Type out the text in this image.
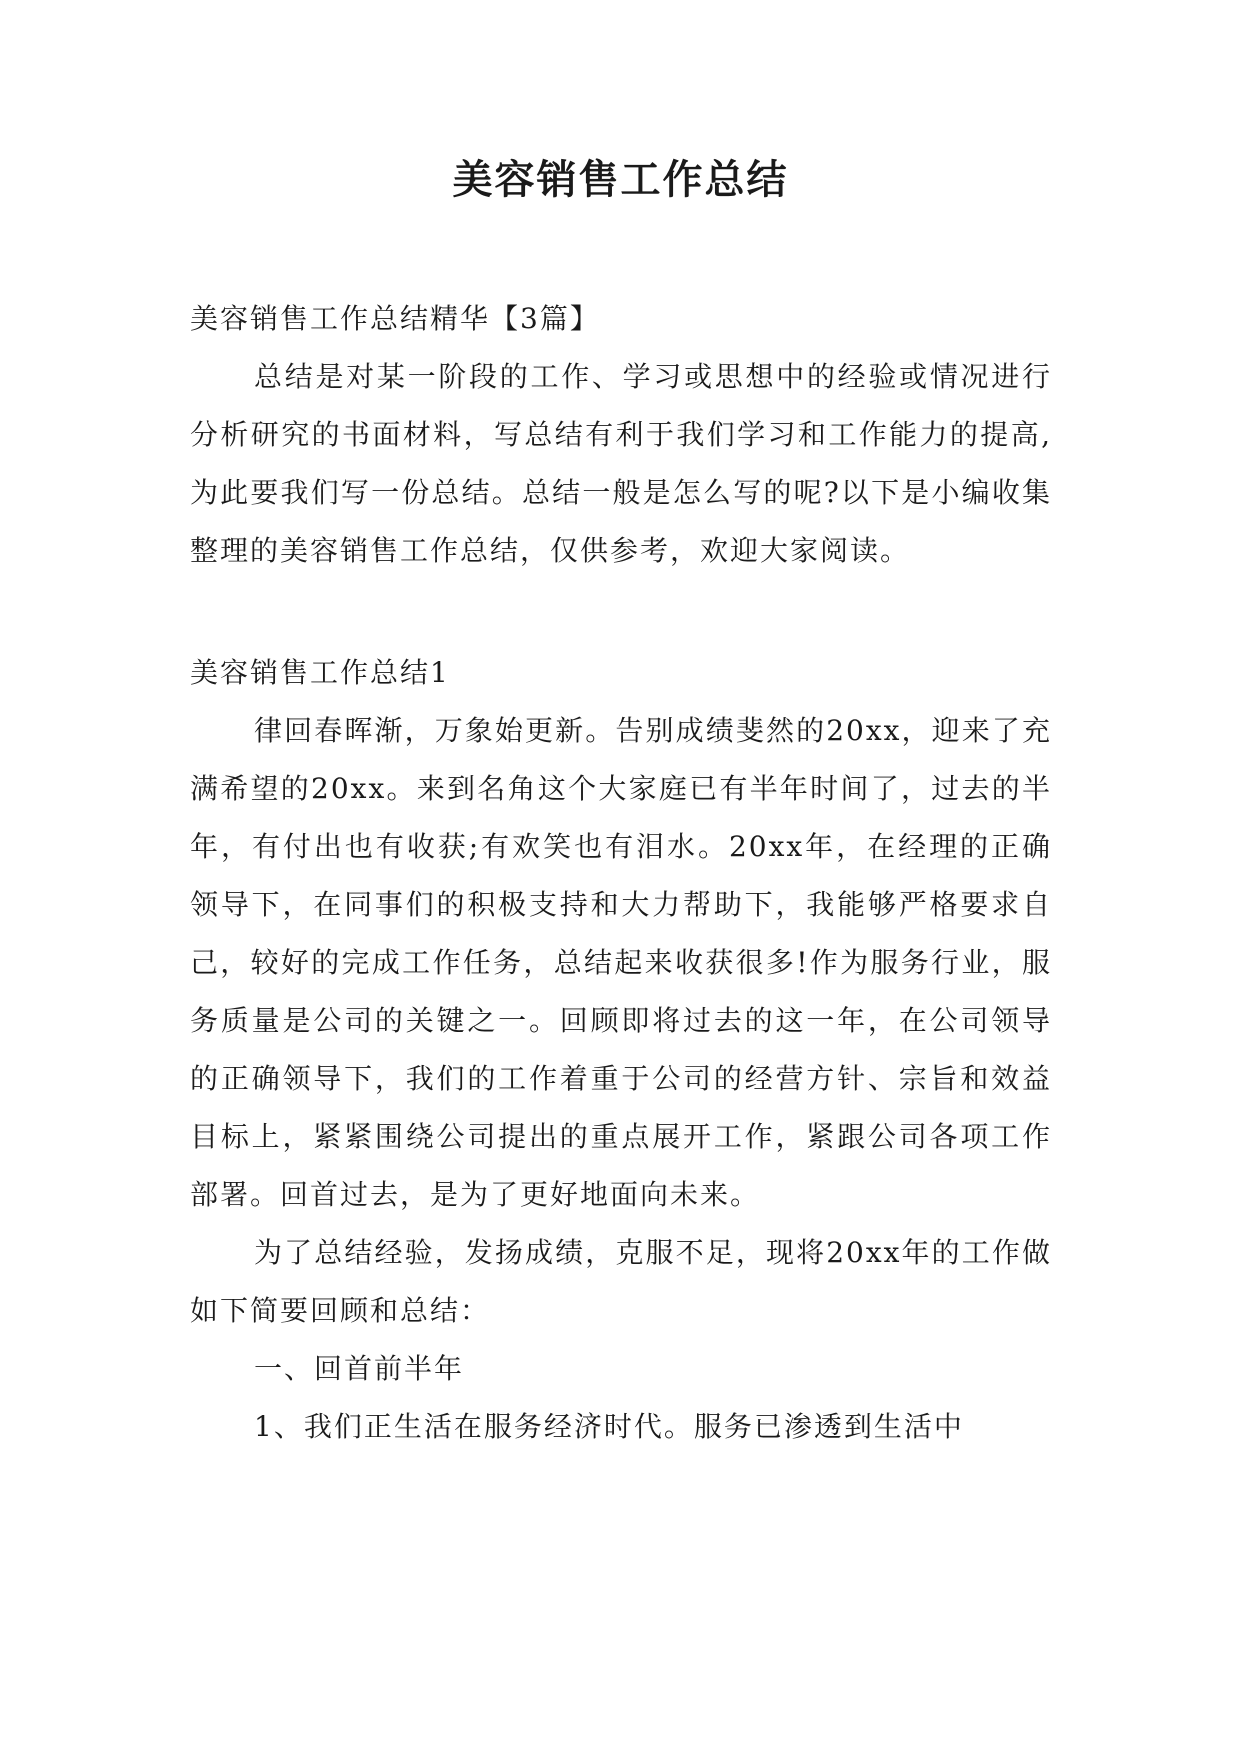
美容销售工作总结

美容销售工作总结精华【3篇】

总结是对某一阶段的工作、学习或思想中的经验或情况进行分析研究的书面材料，写总结有利于我们学习和工作能力的提高,为此要我们写一份总结。总结一般是怎么写的呢?以下是小编收集整理的美容销售工作总结，仅供参考，欢迎大家阅读。

美容销售工作总结1

律回春晖渐，万象始更新。告别成绩斐然的20xx，迎来了充满希望的20xx。来到名角这个大家庭已有半年时间了，过去的半年，有付出也有收获;有欢笑也有泪水。20xx年，在经理的正确领导下，在同事们的积极支持和大力帮助下，我能够严格要求自己，较好的完成工作任务，总结起来收获很多!作为服务行业，服务质量是公司的关键之一。回顾即将过去的这一年，在公司领导的正确领导下，我们的工作着重于公司的经营方针、宗旨和效益目标上，紧紧围绕公司提出的重点展开工作，紧跟公司各项工作部署。回首过去，是为了更好地面向未来。

为了总结经验，发扬成绩，克服不足，现将20xx年的工作做如下简要回顾和总结：

一、回首前半年

1、我们正生活在服务经济时代。服务已渗透到生活中
